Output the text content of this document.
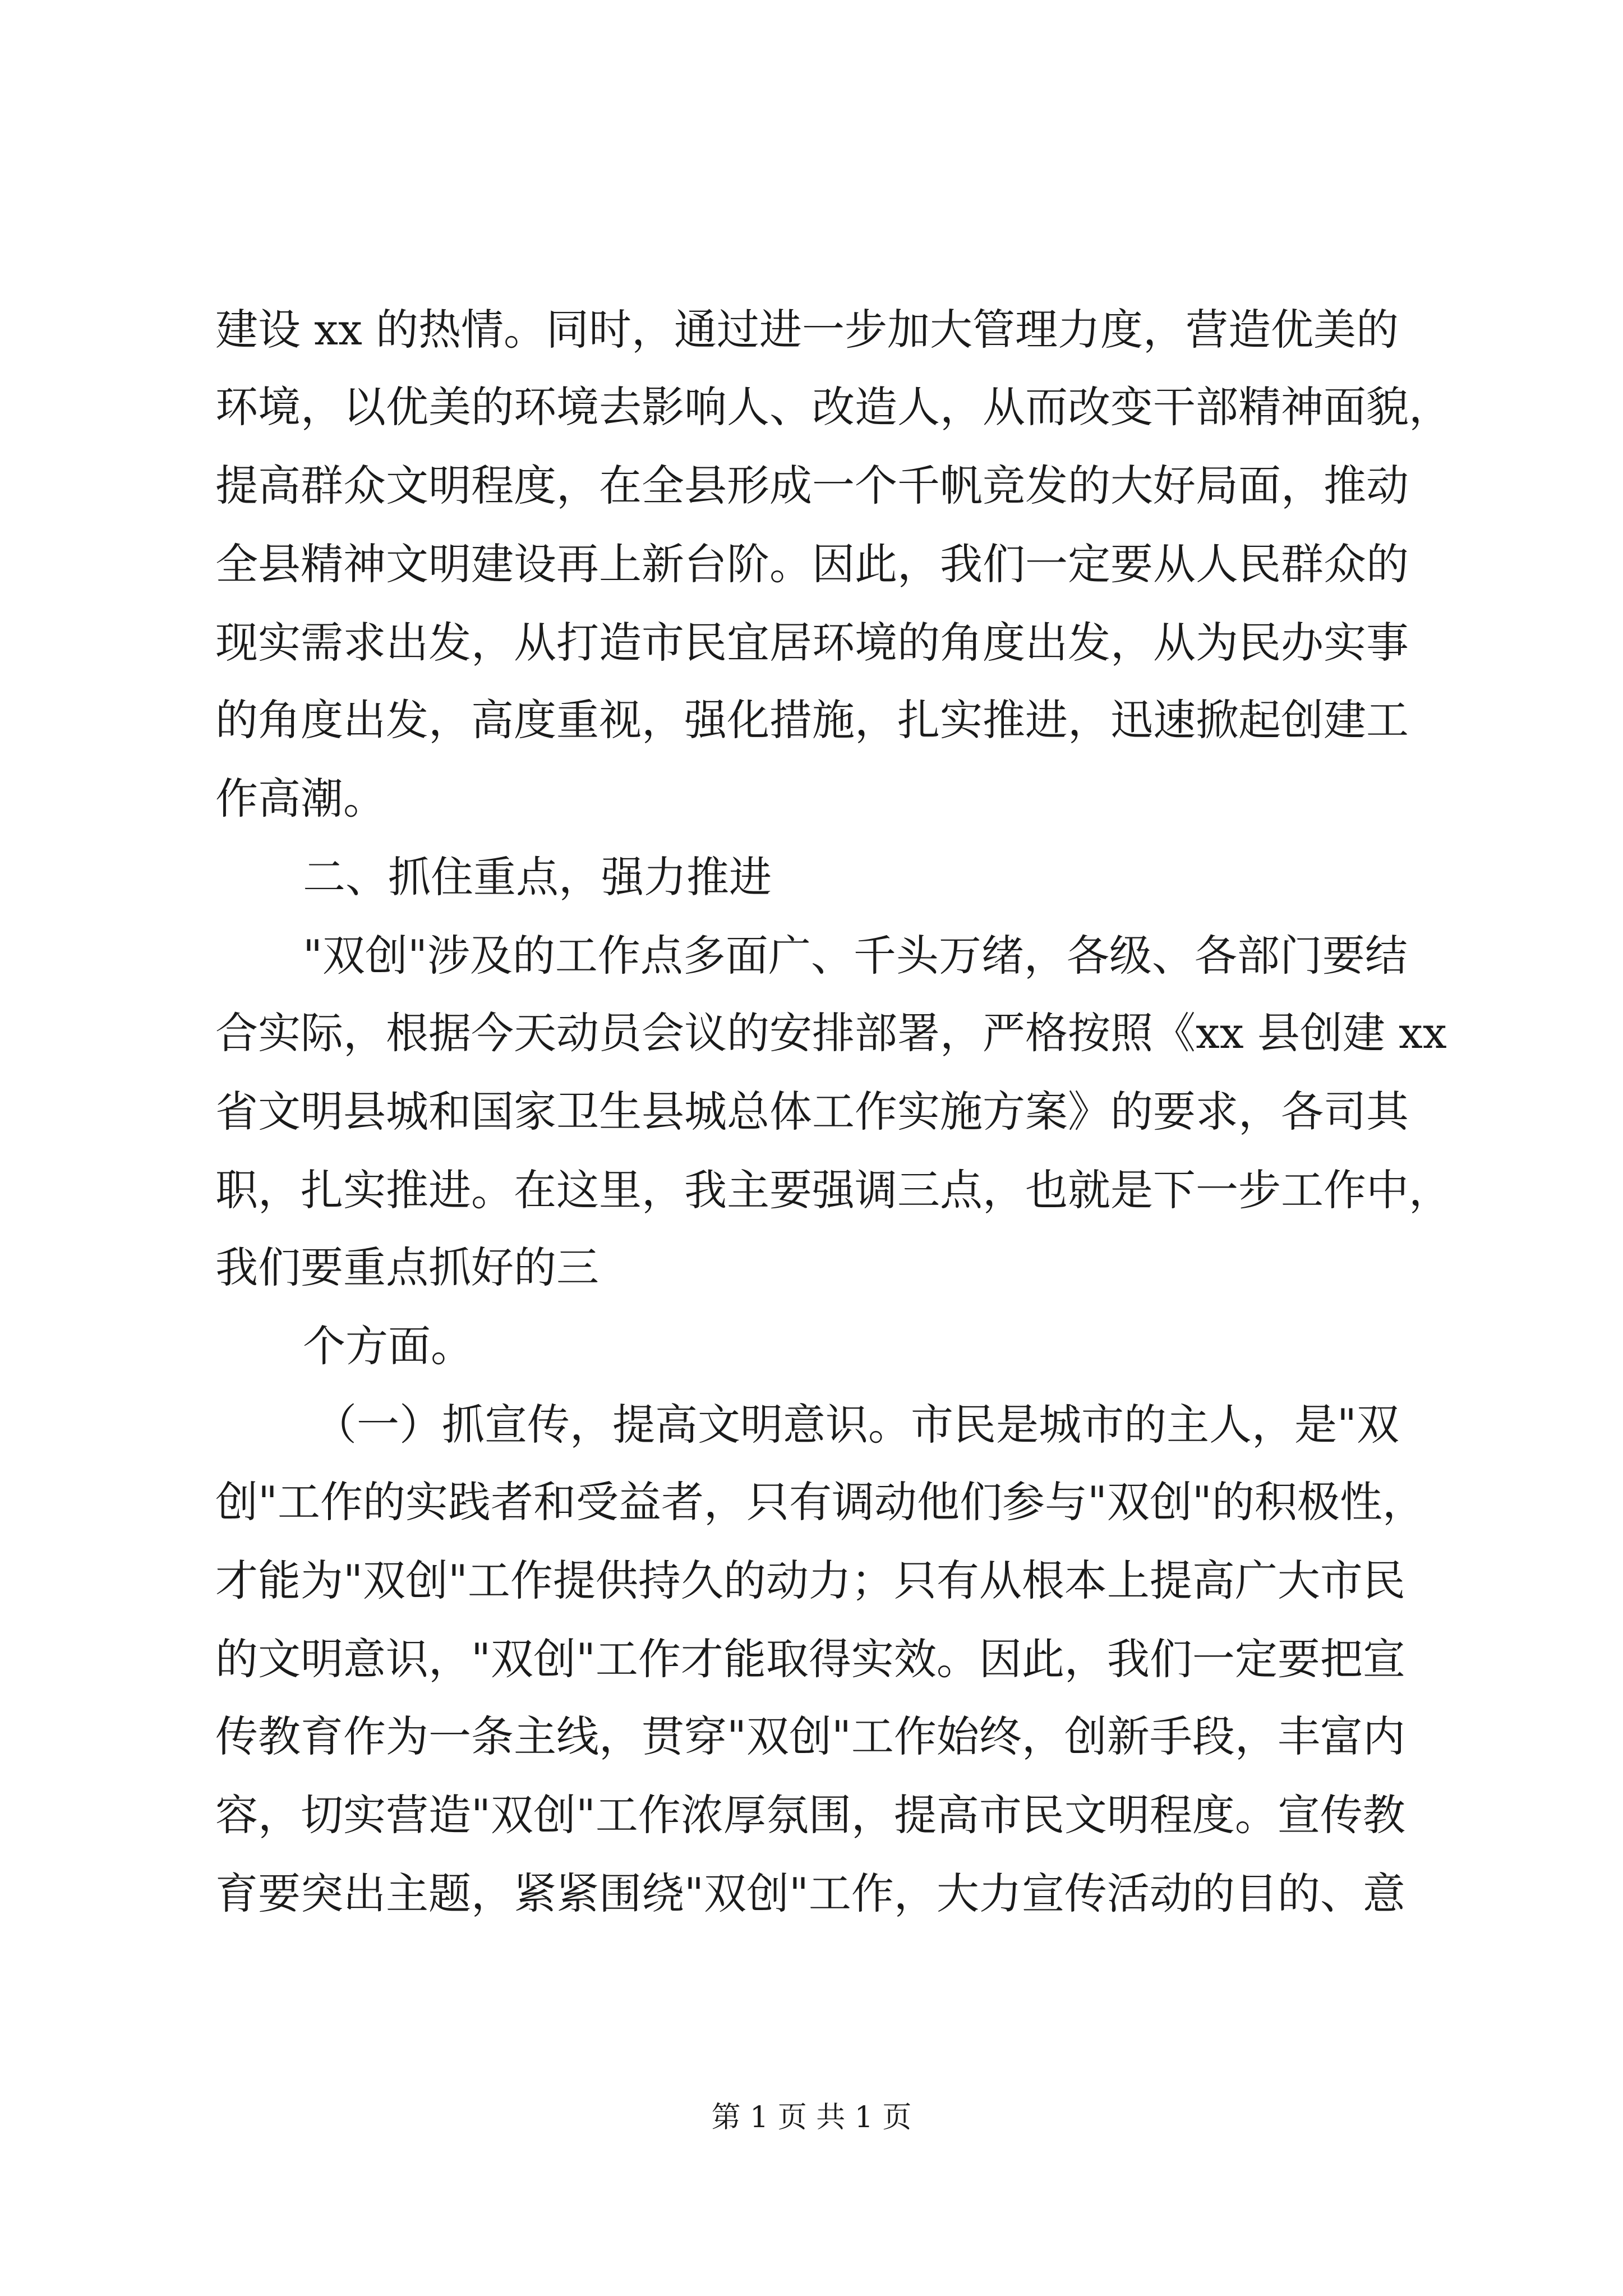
建设 xx 的热情。同时，通过进一步加大管理力度，营造优美的
环境，以优美的环境去影响人、改造人，从而改变干部精神面貌，
提高群众文明程度，在全县形成一个千帆竞发的大好局面，推动
全县精神文明建设再上新台阶。因此，我们一定要从人民群众的
现实需求出发，从打造市民宜居环境的角度出发，从为民办实事
的角度出发，高度重视，强化措施，扎实推进，迅速掀起创建工
作高潮。
二、抓住重点，强力推进
"双创"涉及的工作点多面广、千头万绪，各级、各部门要结
合实际，根据今天动员会议的安排部署，严格按照《xx 县创建 xx
省文明县城和国家卫生县城总体工作实施方案》的要求，各司其
职，扎实推进。在这里，我主要强调三点，也就是下一步工作中，
我们要重点抓好的三
个方面。
（一）抓宣传，提高文明意识。市民是城市的主人，是"双
创"工作的实践者和受益者，只有调动他们参与"双创"的积极性，
才能为"双创"工作提供持久的动力；只有从根本上提高广大市民
的文明意识，"双创"工作才能取得实效。因此，我们一定要把宣
传教育作为一条主线，贯穿"双创"工作始终，创新手段，丰富内
容，切实营造"双创"工作浓厚氛围，提高市民文明程度。宣传教
育要突出主题，紧紧围绕"双创"工作，大力宣传活动的目的、意
第 1 页 共 1 页
